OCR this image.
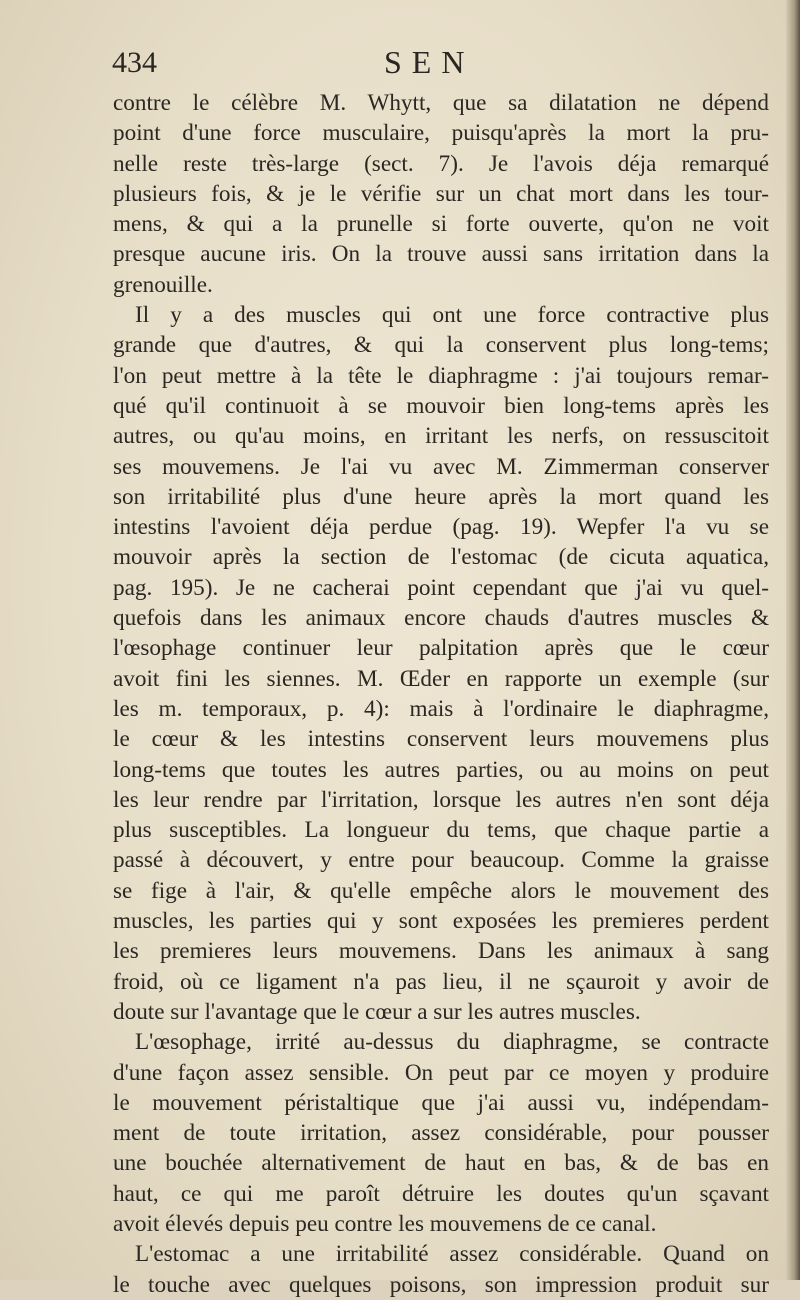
434	SEN
contre le célèbre M. Whytt, que sa dilatation ne dépend
point d'une force musculaire, puisqu'après la mort la pru-
nelle reste très-large (sect. 7). Je l'avois déja remarqué
plusieurs fois, & je le vérifie sur un chat mort dans les tour-
mens, & qui a la prunelle si forte ouverte, qu'on ne voit
presque aucune iris. On la trouve aussi sans irritation dans la
grenouille.
Il y a des muscles qui ont une force contractive plus
grande que d'autres, & qui la conservent plus long-tems;
l'on peut mettre à la tête le diaphragme : j'ai toujours remar-
qué qu'il continuoit à se mouvoir bien long-tems après les
autres, ou qu'au moins, en irritant les nerfs, on ressuscitoit
ses mouvemens. Je l'ai vu avec M. Zimmerman conserver
son irritabilité plus d'une heure après la mort quand les
intestins l'avoient déja perdue (pag. 19). Wepfer l'a vu se
mouvoir après la section de l'estomac (de cicuta aquatica,
pag. 195). Je ne cacherai point cependant que j'ai vu quel-
quefois dans les animaux encore chauds d'autres muscles &
l'œsophage continuer leur palpitation après que le cœur
avoit fini les siennes. M. Œder en rapporte un exemple (sur
les m. temporaux, p. 4): mais à l'ordinaire le diaphragme,
le cœur & les intestins conservent leurs mouvemens plus
long-tems que toutes les autres parties, ou au moins on peut
les leur rendre par l'irritation, lorsque les autres n'en sont déja
plus susceptibles. La longueur du tems, que chaque partie a
passé à découvert, y entre pour beaucoup. Comme la graisse
se fige à l'air, & qu'elle empêche alors le mouvement des
muscles, les parties qui y sont exposées les premieres perdent
les premieres leurs mouvemens. Dans les animaux à sang
froid, où ce ligament n'a pas lieu, il ne sçauroit y avoir de
doute sur l'avantage que le cœur a sur les autres muscles.
L'œsophage, irrité au-dessus du diaphragme, se contracte
d'une façon assez sensible. On peut par ce moyen y produire
le mouvement péristaltique que j'ai aussi vu, indépendam-
ment de toute irritation, assez considérable, pour pousser
une bouchée alternativement de haut en bas, & de bas en
haut, ce qui me paroît détruire les doutes qu'un sçavant
avoit élevés depuis peu contre les mouvemens de ce canal.
L'estomac a une irritabilité assez considérable. Quand on
le touche avec quelques poisons, son impression produit sur
